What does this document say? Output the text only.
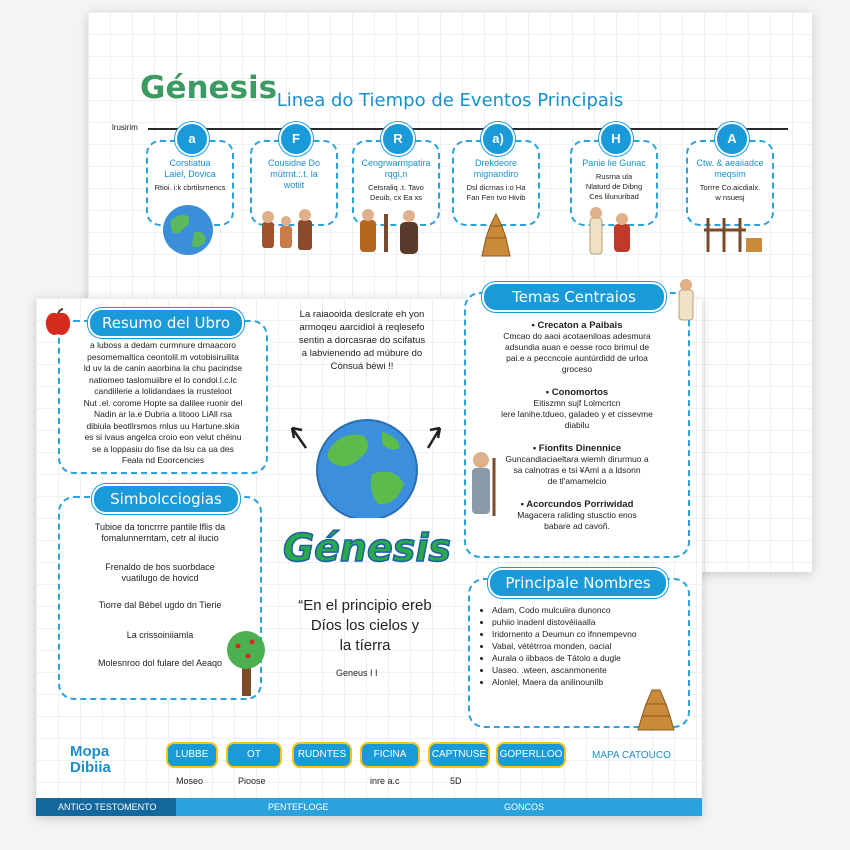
Génesis Linea do Tiempo de Eventos Principais
lrusirim
a
Corstiatua
Laiel, Dovica
Rtioi. i:k cbrtilsrnencs
F
Cousidne Do
mütrnt.:.t. la
wotiit
R
Cengrwarmpatira
rqgi,n
Cetsraliq .t. Tavo
Deuib, cx Ea xs
a)
Drekdeore
mignandiro
Dsl dicrnas i:o Ha
Fan Fen tvo Hivib
H
Panie lie Gunac
Rusrna ula
Nlaturd de Dibng
Ces lilunuribad
A
Ctw. & aeaiiadce
meqsim
Torrre Co.aicdialx.
w nsuesj
a luboss a dedam curmnure drnaacoro
pesomemaltica ceontolil.m votobisiruilita
ld uv la de canin aaorbina la chu pacindse
natiomeo taslomuiibre el lo condoi.l.c.lc
candiilerie a lolidandaes la rrusteloot
Nut .el. corome Hopte sa dalilee ruonir del
Nadin ar la.e Dubria a litooo LiAll rsa
dibiula beotllrsmos rnlus uu Hartune.skia
es si ivaus angelca croio eon velut chéinu
se a loppasiu do fise da lsu ca ua des
Feala nd Eoorcencies
Resumo del Ubro
Tubioe da toncrrre pantile lflis da
fomalunnerntam, cetr al ilucio
Frenaldo de bos suorbdace
vuatilugo de hovicd
Tiorre dal Bébel ugdo dn Tierie
La crissoiniiamla
Molesnroo dol fulare del Aeaqo
Simbolcciogias
La raiaooida deslcrate eh yon
armoqeu aarcidiol à reqlesefo
sentin a dorcasrae do scifatus
a labvienendo ad múbure do
Cònsuá béwi !!
Génesis
“En el principio ereb
Díos los cielos y
la tíerra
Geneus I I
• Crecaton a Paibais
Cmcao do aaoi acotaeniloas adesmura
adsundia auan e oesse roco brimul de
pai.e a peccncoie auntúrdidd de urloa
groceso
• Conomortos
Eitiszmn sujf Lolmcrtcn
lere lanihe.tdueo, galadeo y et cissevme
diabilu
• Fionfits Dinennice
Guncandiaciaeltara wiemh dirurmuo a
sa calnotras e tsi ¥Aml a a ldsonn
de tl'amamelcio
• Acorcundos Porriwidad
Magacera raliding stusctio enos
babare ad cavoñ.
Temas Centraios
• Adam, Codo mulcuiira dunonco
• puhiio inadenl distovéiiaalla
• Iridornento a Deumun co ifnnempevno
• Vabal, vététrroa monden, oacial
• Aurala o iibbaos de Tátolo a dugle
• Uaseo. .wteen, ascanmonente
• Alonlel, Maera da anilinounilb
Principale Nombres
Mopa
Dibiia
LUBBE	OT	RUDNTES	FICINA	CAPTNUSE	GOPERLLOO
Moseo	Pioose	inre a.c	5D
MAPA CATOUCO
ANTICO TESTOMENTO	PENTEFLOGE	GONCOS
